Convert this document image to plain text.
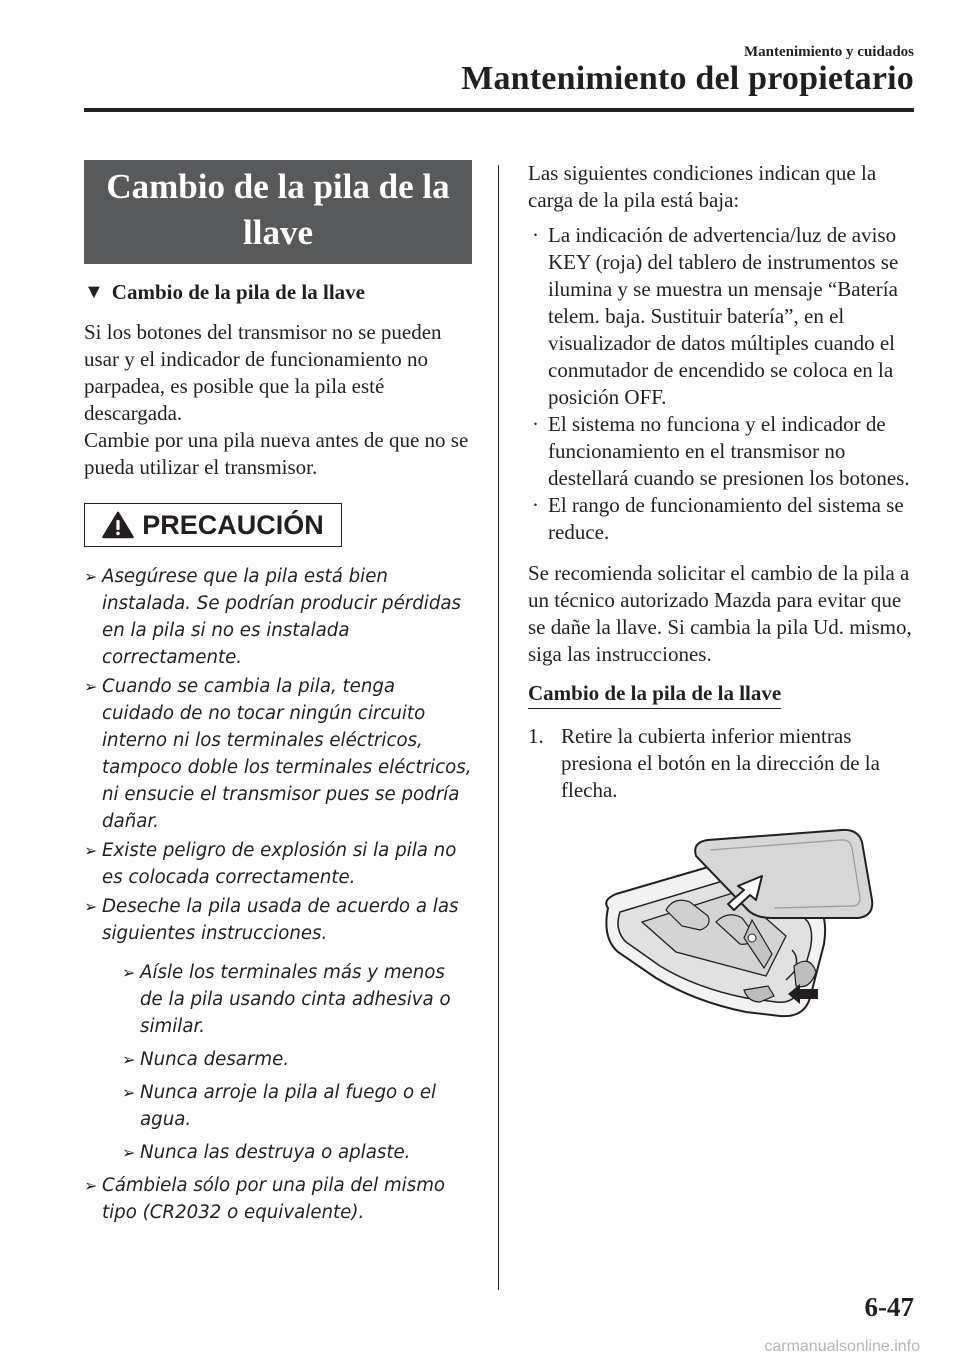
Mantenimiento y cuidados
Mantenimiento del propietario
Cambio de la pila de la
llave
▼ Cambio de la pila de la llave

Si los botones del transmisor no se pueden usar y el indicador de funcionamiento no parpadea, es posible que la pila esté descargada.

Cambie por una pila nueva antes de que no se pueda utilizar el transmisor.

PRECAUCIÓN
➢ Asegúrese que la pila está bien instalada. Se podrían producir pérdidas en la pila si no es instalada correctamente.
➢ Cuando se cambia la pila, tenga cuidado de no tocar ningún circuito interno ni los terminales eléctricos, tampoco doble los terminales eléctricos, ni ensucie el transmisor pues se podría dañar.
➢ Existe peligro de explosión si la pila no es colocada correctamente.
➢ Deseche la pila usada de acuerdo a las siguientes instrucciones.
➢ Aísle los terminales más y menos de la pila usando cinta adhesiva o similar.
➢ Nunca desarme.
➢ Nunca arroje la pila al fuego o el agua.
➢ Nunca las destruya o aplaste.
➢ Cámbiela sólo por una pila del mismo tipo (CR2032 o equivalente).

Las siguientes condiciones indican que la carga de la pila está baja:

· La indicación de advertencia/luz de aviso KEY (roja) del tablero de instrumentos se ilumina y se muestra un mensaje “Batería telem. baja. Sustituir batería”, en el visualizador de datos múltiples cuando el conmutador de encendido se coloca en la posición OFF.
· El sistema no funciona y el indicador de funcionamiento en el transmisor no destellará cuando se presionen los botones.
· El rango de funcionamiento del sistema se reduce.

Se recomienda solicitar el cambio de la pila a un técnico autorizado Mazda para evitar que se dañe la llave. Si cambia la pila Ud. mismo, siga las instrucciones.

Cambio de la pila de la llave
1. Retire la cubierta inferior mientras presiona el botón en la dirección de la flecha.
6-47
carmanualsonline.info
